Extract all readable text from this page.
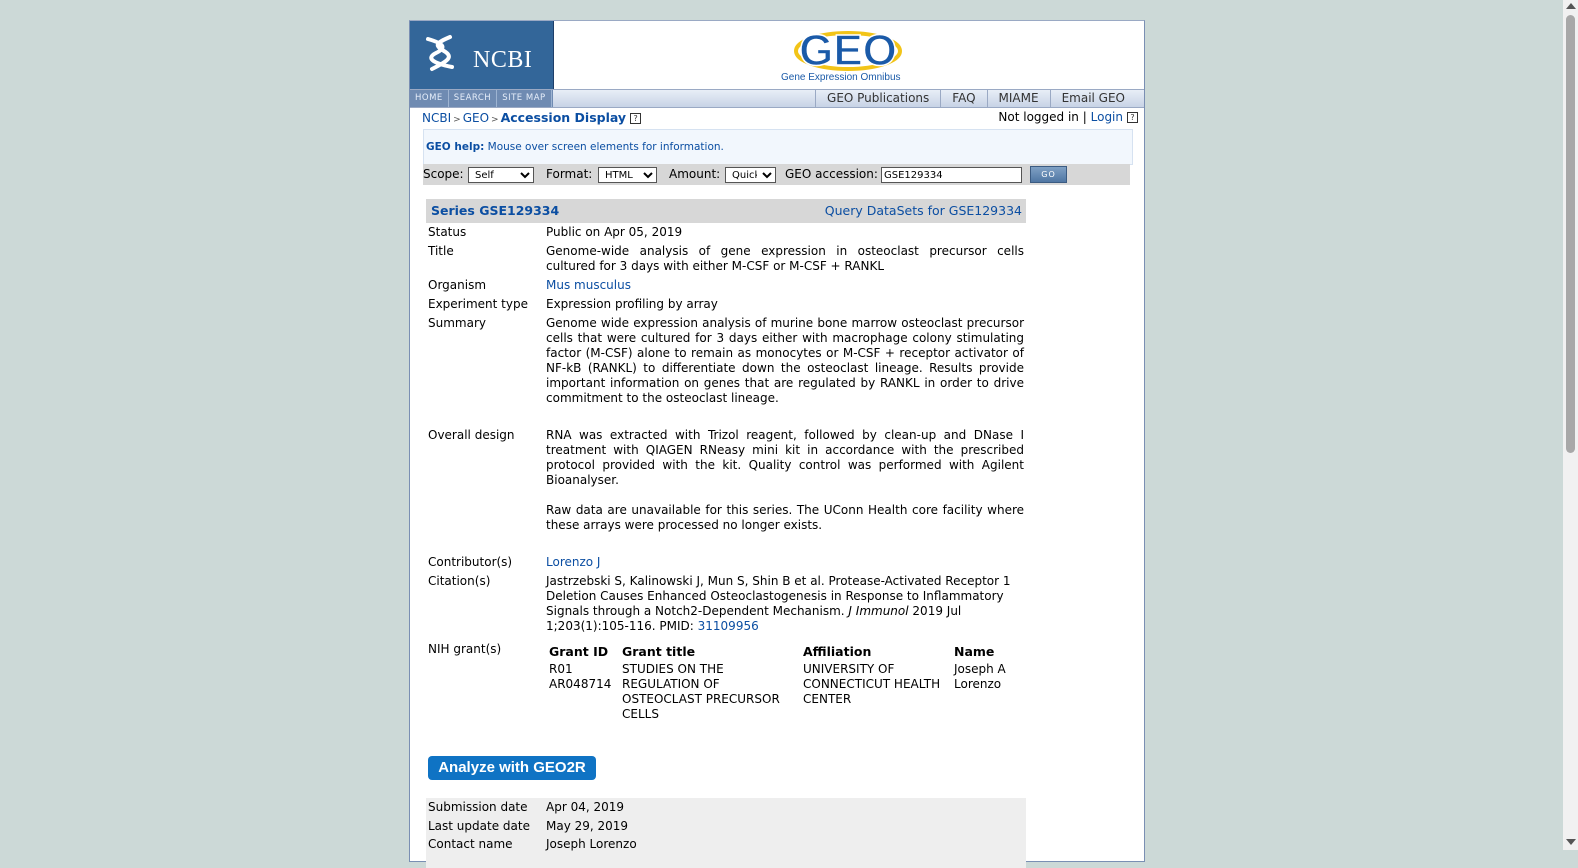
NCBI	GEO
Gene Expression Omnibus
HOME	SEARCH	SITE MAP	GEO Publications	FAQ	MIAME	Email GEO
NCBI > GEO > Accession Display ?	Not logged in | Login ?
GEO help: Mouse over screen elements for information.
Scope:
Self	Format:
HTML	Amount:
Quick	GEO accession:
GSE129334	GO
Series GSE129334	Query DataSets for GSE129334
Status	Public on Apr 05, 2019
Title	Genome-wide analysis of gene expression in osteoclast precursor cells cultured for 3 days with either M-CSF or M-CSF + RANKL
Organism	Mus musculus
Experiment type Expression profiling by array
Summary	Genome wide expression analysis of murine bone marrow osteoclast precursor cells that were cultured for 3 days either with macrophage colony stimulating factor (M-CSF) alone to remain as monocytes or M-CSF + receptor activator of NF-kB (RANKL) to differentiate down the osteoclast lineage. Results provide important information on genes that are regulated by RANKL in order to drive commitment to the osteoclast lineage.
Overall design	RNA was extracted with Trizol reagent, followed by clean-up and DNase I treatment with QIAGEN RNeasy mini kit in accordance with the prescribed protocol provided with the kit. Quality control was performed with Agilent Bioanalyser.
Raw data are unavailable for this series. The UConn Health core facility where these arrays were processed no longer exists.
Contributor(s)	Lorenzo J
Citation(s)	Jastrzebski S, Kalinowski J, Mun S, Shin B et al. Protease-Activated Receptor 1 Deletion Causes Enhanced Osteoclastogenesis in Response to Inflammatory Signals through a Notch2-Dependent Mechanism. J Immunol 2019 Jul 1;203(1):105-116. PMID: 31109956
NIH grant(s)	Grant ID	Grant title	Affiliation	Name
R01 AR048714	STUDIES ON THE REGULATION OF OSTEOCLAST PRECURSOR CELLS	UNIVERSITY OF CONNECTICUT HEALTH CENTER	Joseph A Lorenzo
Analyze with GEO2R
Submission date Apr 04, 2019
Last update date May 29, 2019
Contact name	Joseph Lorenzo
